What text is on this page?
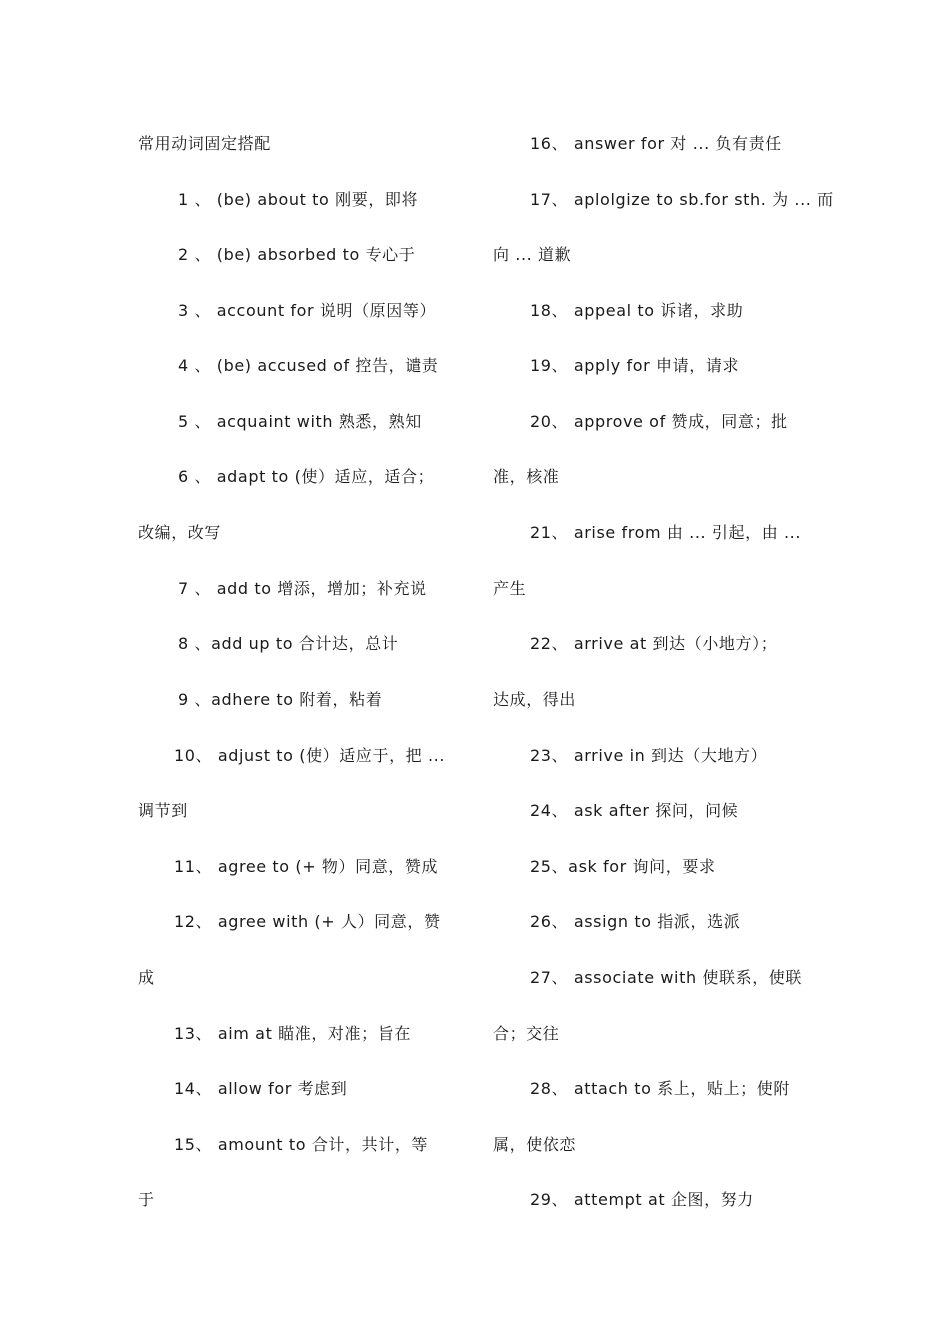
常用动词固定搭配
1 、 (be) about to 刚要，即将
2 、 (be) absorbed to 专心于
3 、 account for 说明（原因等）
4 、 (be) accused of 控告，谴责
5 、 acquaint with 熟悉，熟知
6 、 adapt to (使）适应，适合；
改编，改写
7 、 add to 增添，增加；补充说
8 、add up to 合计达，总计
9 、adhere to 附着，粘着
10、 adjust to (使）适应于，把 ...
调节到
11、 agree to (+ 物）同意，赞成
12、 agree with (+ 人）同意，赞
成
13、 aim at 瞄准，对准；旨在
14、 allow for 考虑到
15、 amount to 合计，共计，等
于
16、 answer for 对 ... 负有责任
17、 aplolgize to sb.for sth. 为 ... 而
向 ... 道歉
18、 appeal to 诉诸，求助
19、 apply for 申请，请求
20、 approve of 赞成，同意；批
准，核准
21、 arise from 由 ... 引起，由 ...
产生
22、 arrive at 到达（小地方）；
达成，得出
23、 arrive in 到达（大地方）
24、 ask after 探问，问候
25、ask for 询问，要求
26、 assign to 指派，选派
27、 associate with 使联系，使联
合；交往
28、 attach to 系上，贴上；使附
属，使依恋
29、 attempt at 企图，努力
